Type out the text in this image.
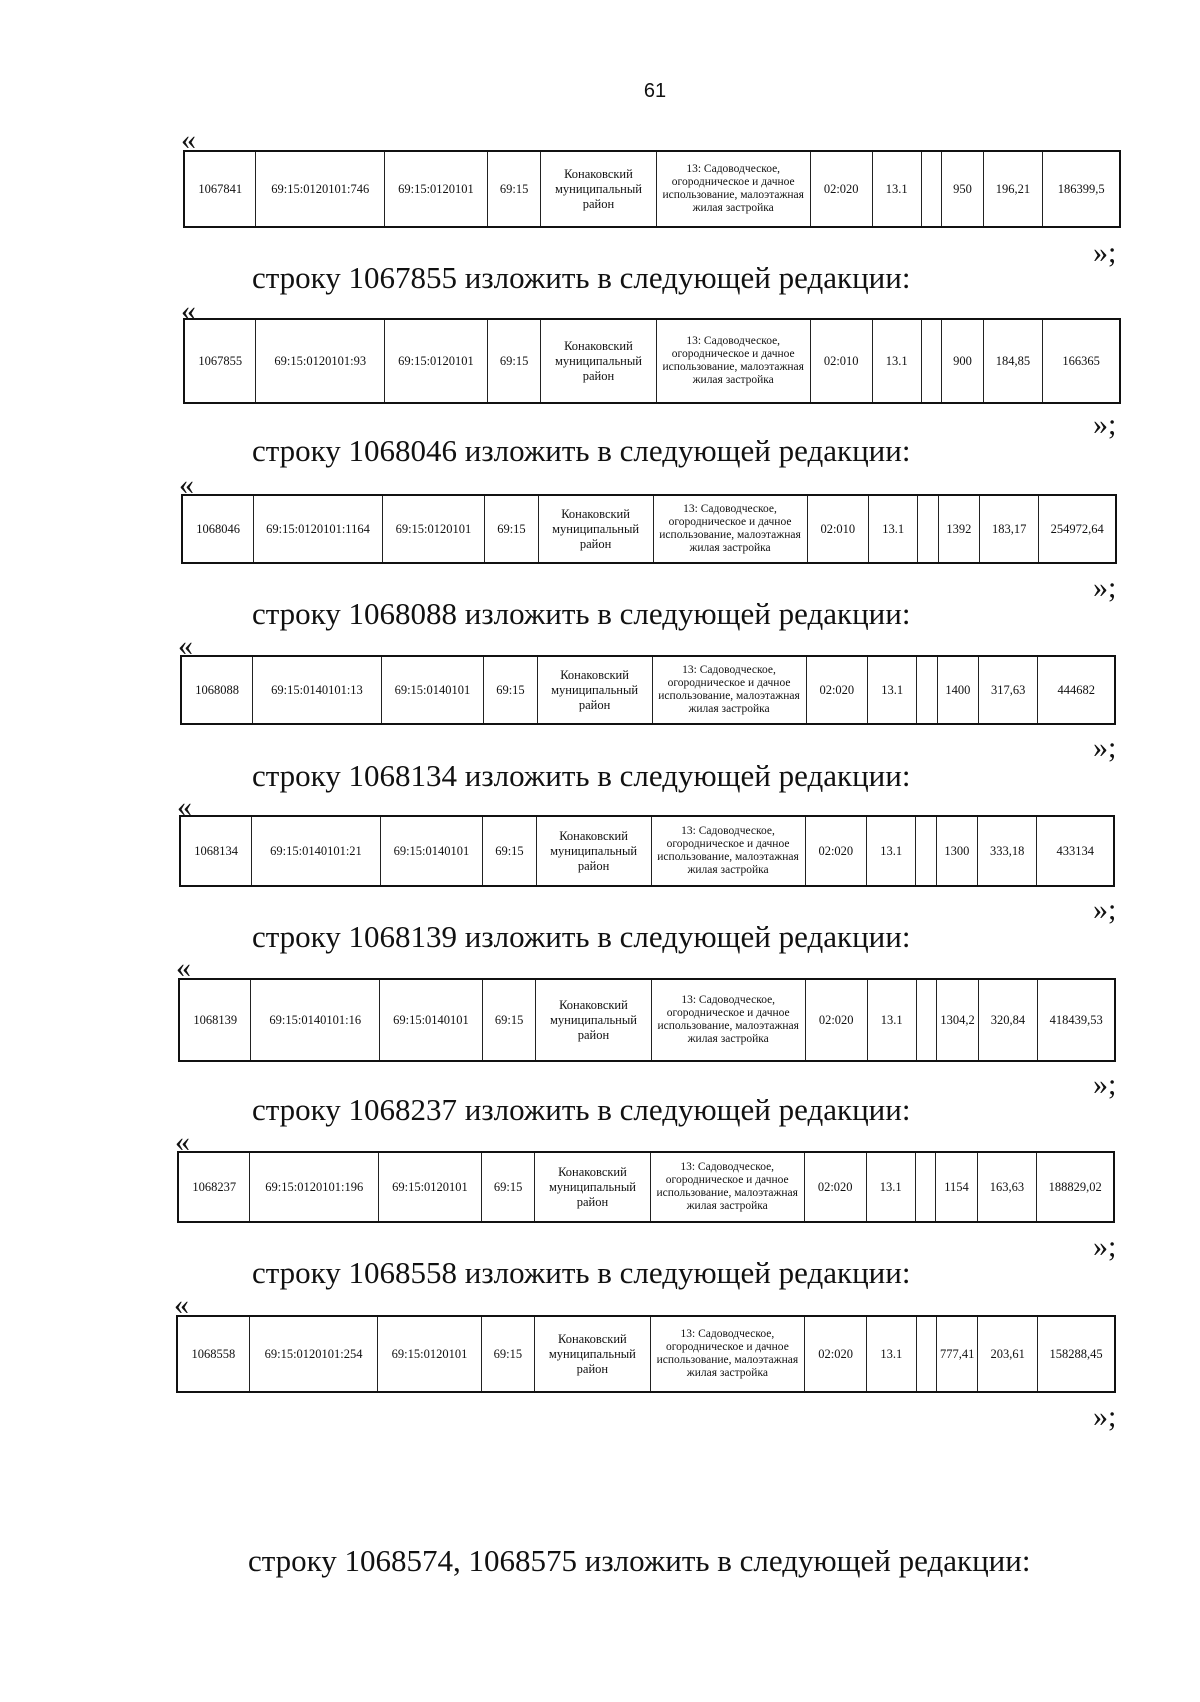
61
«
1067841	69:15:0120101:746	69:15:0120101	69:15	Конаковский муниципальный район	13: Садоводческое, огородническое и дачное использование, малоэтажная жилая застройка	02:020	13.1		950	196,21	186399,5
»;
строку 1067855 изложить в следующей редакции:
«
1067855	69:15:0120101:93	69:15:0120101	69:15	Конаковский муниципальный район	13: Садоводческое, огородническое и дачное использование, малоэтажная жилая застройка	02:010	13.1		900	184,85	166365
»;
строку 1068046 изложить в следующей редакции:
«
1068046	69:15:0120101:1164	69:15:0120101	69:15	Конаковский муниципальный район	13: Садоводческое, огородническое и дачное использование, малоэтажная жилая застройка	02:010	13.1		1392	183,17	254972,64
»;
строку 1068088 изложить в следующей редакции:
«
1068088	69:15:0140101:13	69:15:0140101	69:15	Конаковский муниципальный район	13: Садоводческое, огородническое и дачное использование, малоэтажная жилая застройка	02:020	13.1		1400	317,63	444682
»;
строку 1068134 изложить в следующей редакции:
«
1068134	69:15:0140101:21	69:15:0140101	69:15	Конаковский муниципальный район	13: Садоводческое, огородническое и дачное использование, малоэтажная жилая застройка	02:020	13.1		1300	333,18	433134
»;
строку 1068139 изложить в следующей редакции:
«
1068139	69:15:0140101:16	69:15:0140101	69:15	Конаковский муниципальный район	13: Садоводческое, огородническое и дачное использование, малоэтажная жилая застройка	02:020	13.1		1304,2	320,84	418439,53
»;
строку 1068237 изложить в следующей редакции:
«
1068237	69:15:0120101:196	69:15:0120101	69:15	Конаковский муниципальный район	13: Садоводческое, огородническое и дачное использование, малоэтажная жилая застройка	02:020	13.1		1154	163,63	188829,02
»;
строку 1068558 изложить в следующей редакции:
«
1068558	69:15:0120101:254	69:15:0120101	69:15	Конаковский муниципальный район	13: Садоводческое, огородническое и дачное использование, малоэтажная жилая застройка	02:020	13.1		777,41	203,61	158288,45
»;
строку 1068574, 1068575 изложить в следующей редакции:
